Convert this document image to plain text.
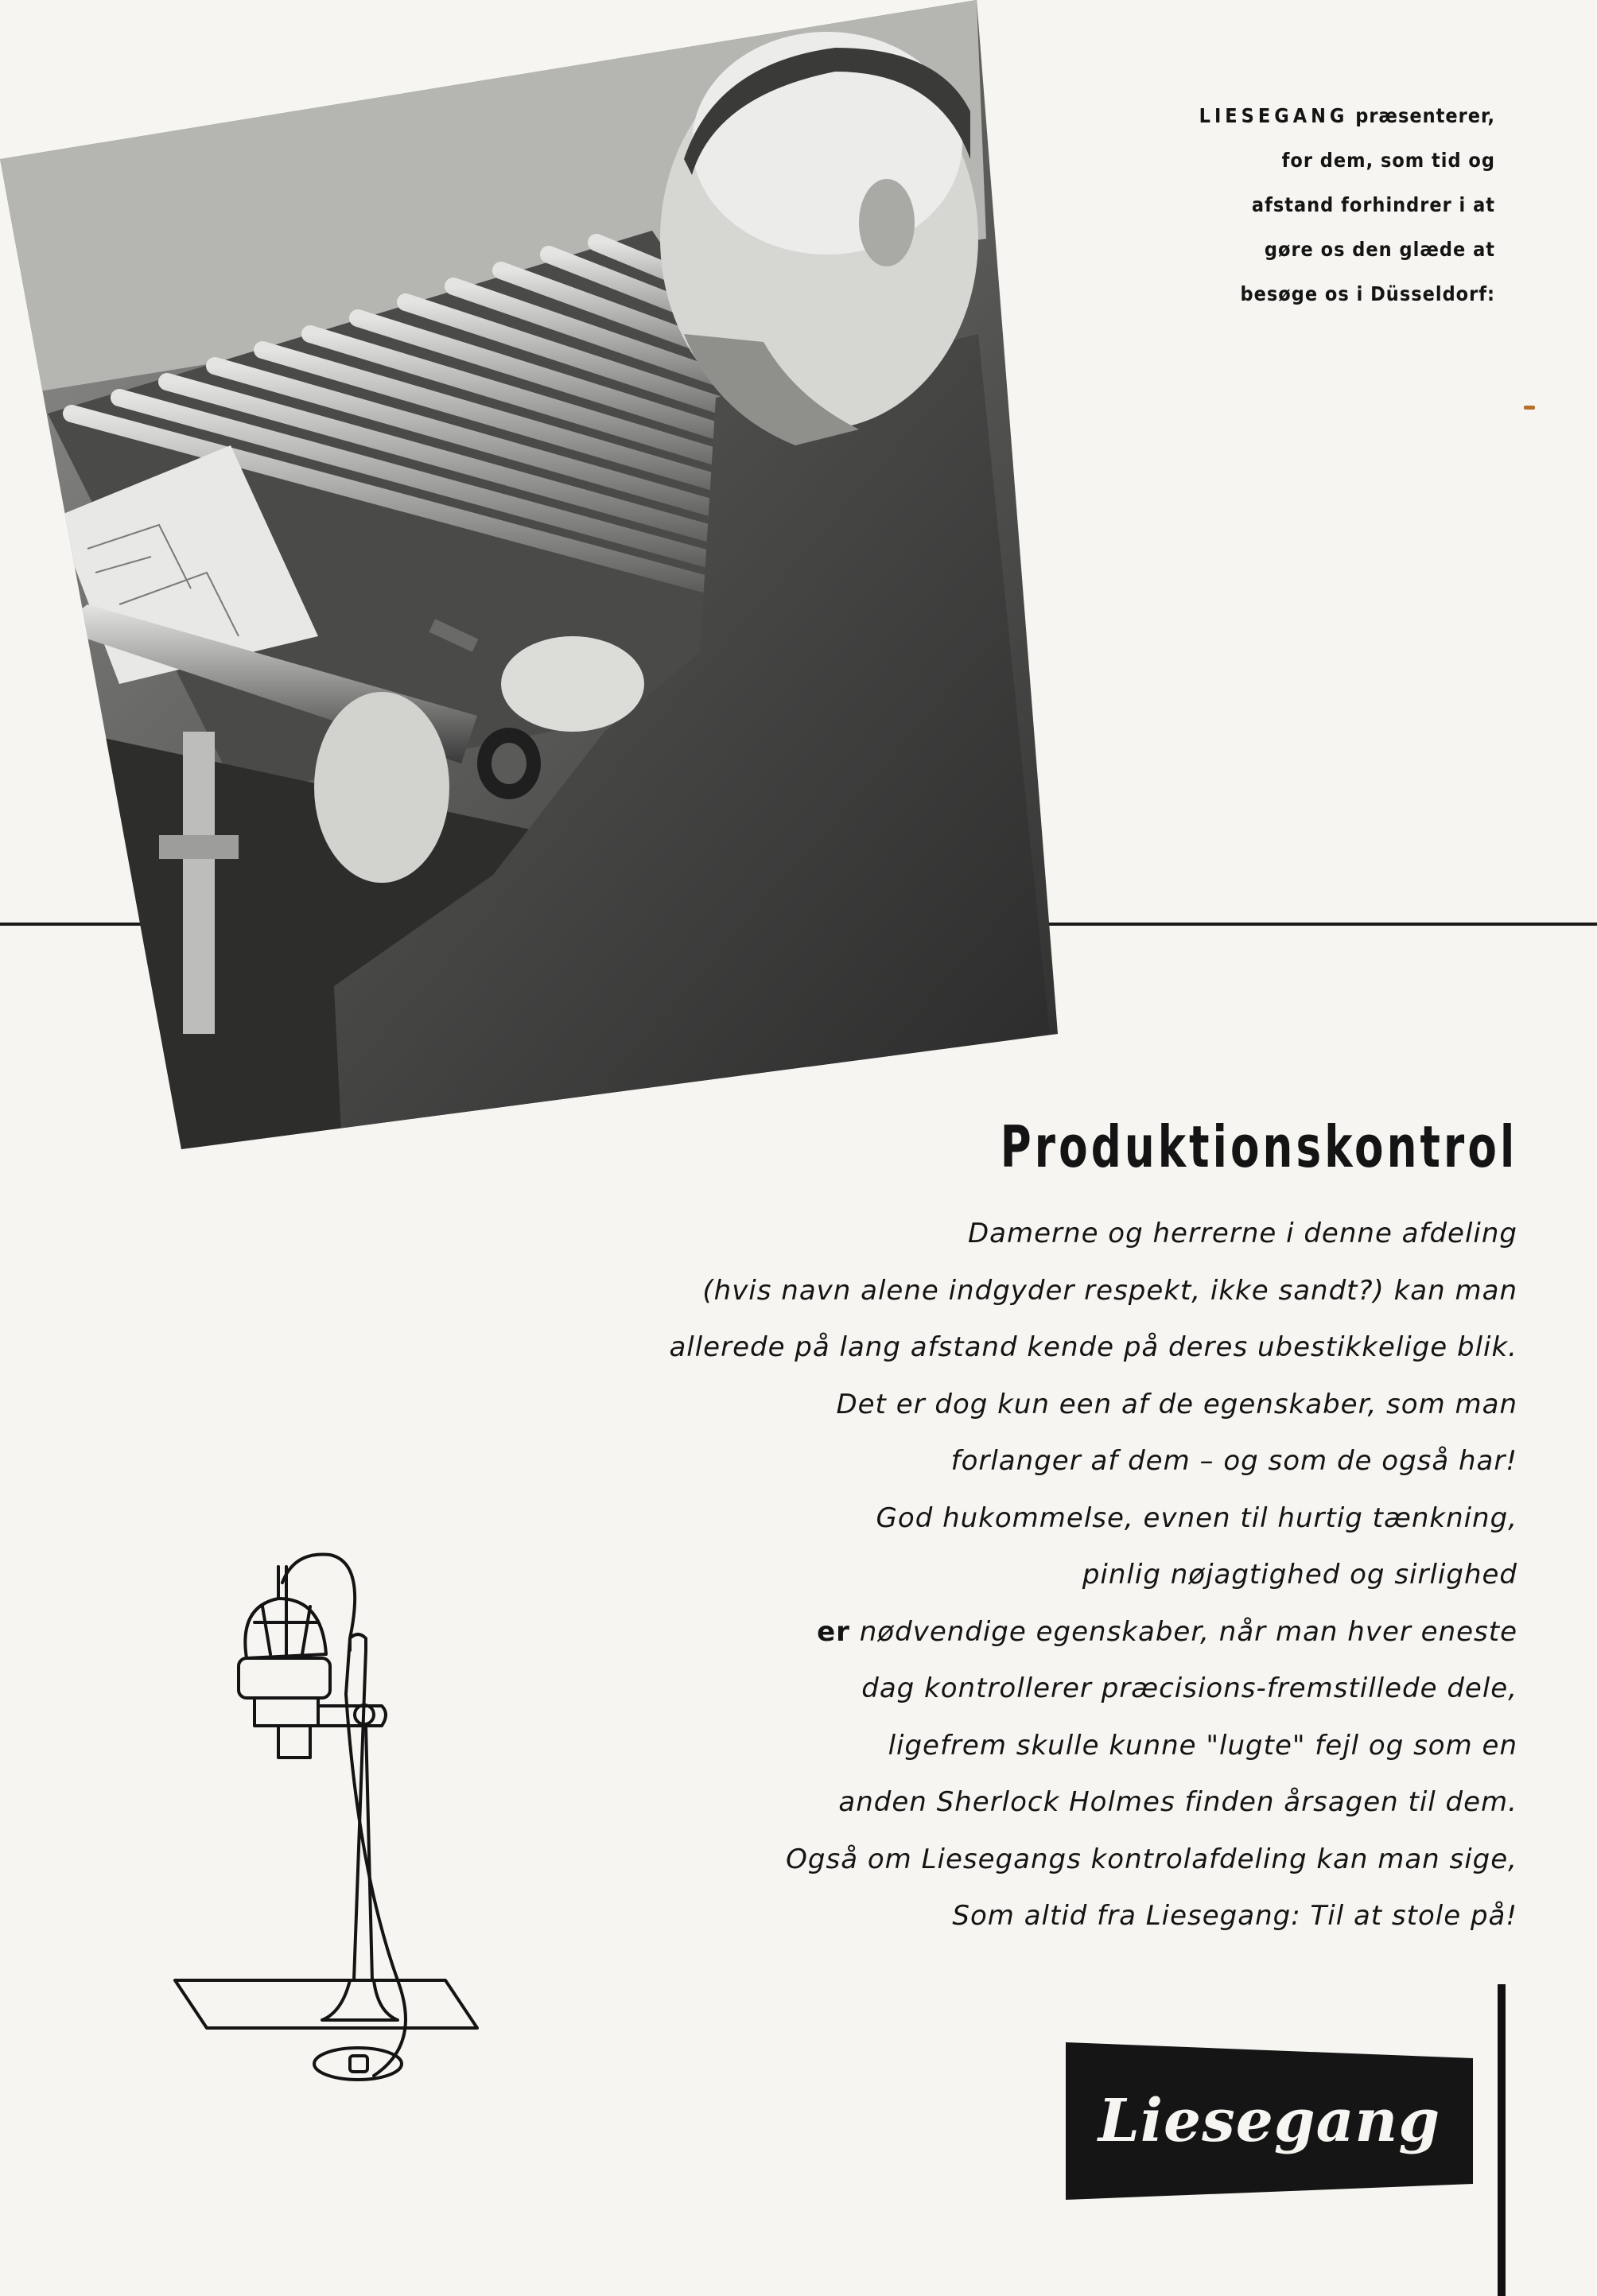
LIESEGANG præsenterer,
for dem, som tid og
afstand forhindrer i at
gøre os den glæde at
besøge os i Düsseldorf:
Produktionskontrol
Damerne og herrerne i denne afdeling
(hvis navn alene indgyder respekt, ikke sandt?) kan man
allerede på lang afstand kende på deres ubestikkelige blik.
Det er dog kun een af de egenskaber, som man
forlanger af dem – og som de også har!
God hukommelse, evnen til hurtig tænkning,
pinlig nøjagtighed og sirlighed
er nødvendige egenskaber, når man hver eneste
dag kontrollerer præcisions-fremstillede dele,
ligefrem skulle kunne "lugte" fejl og som en
anden Sherlock Holmes finden årsagen til dem.
Også om Liesegangs kontrolafdeling kan man sige,
Som altid fra Liesegang: Til at stole på!
Liesegang
